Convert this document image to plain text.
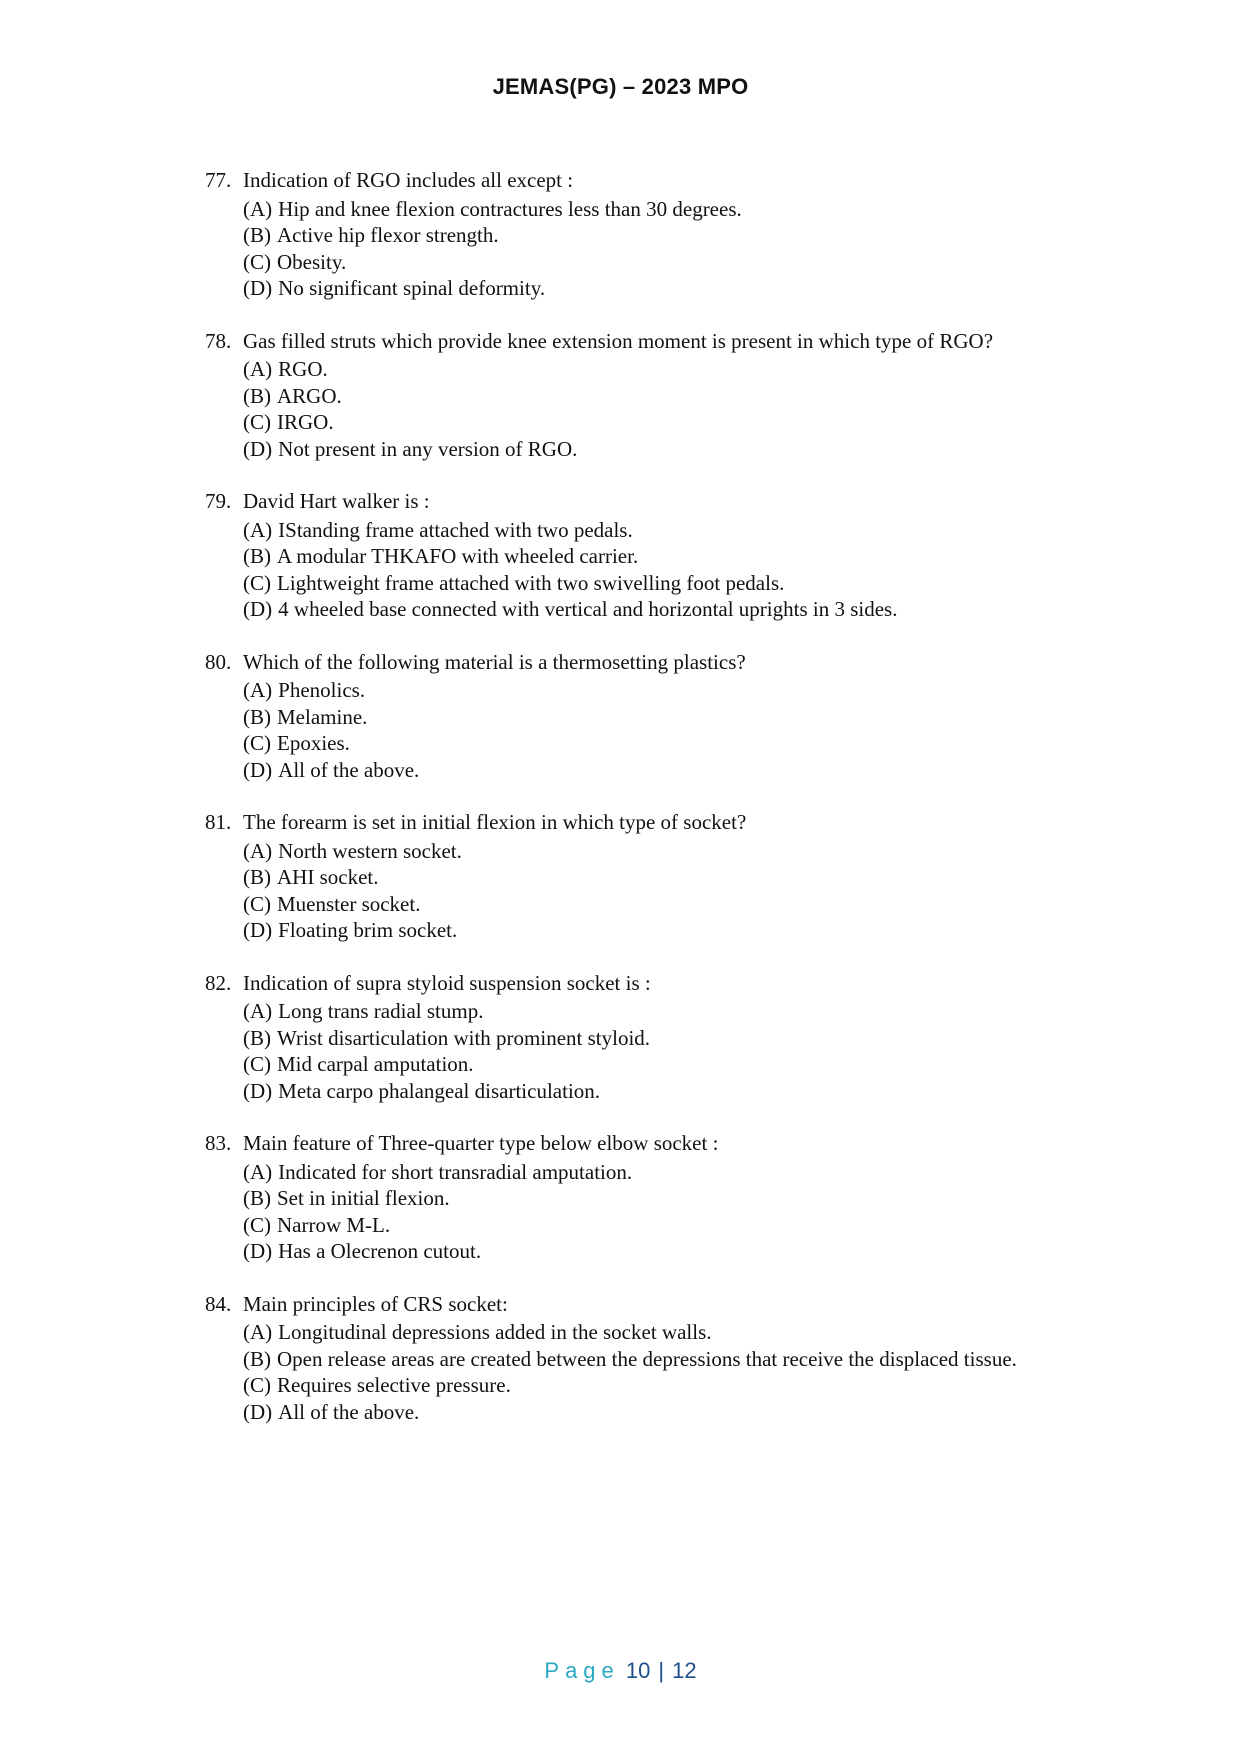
JEMAS(PG) – 2023 MPO
77. Indication of RGO includes all except :
(A) Hip and knee flexion contractures less than 30 degrees.
(B) Active hip flexor strength.
(C) Obesity.
(D) No significant spinal deformity.
78. Gas filled struts which provide knee extension moment is present in which type of RGO?
(A) RGO.
(B) ARGO.
(C) IRGO.
(D) Not present in any version of RGO.
79. David Hart walker is :
(A) IStanding frame attached with two pedals.
(B) A modular THKAFO with wheeled carrier.
(C) Lightweight frame attached with two swivelling foot pedals.
(D) 4 wheeled base connected with vertical and horizontal uprights in 3 sides.
80. Which of the following material is a thermosetting plastics?
(A) Phenolics.
(B) Melamine.
(C) Epoxies.
(D) All of the above.
81. The forearm is set in initial flexion in which type of socket?
(A) North western socket.
(B) AHI socket.
(C) Muenster socket.
(D) Floating brim socket.
82. Indication of supra styloid suspension socket is :
(A) Long trans radial stump.
(B) Wrist disarticulation with prominent styloid.
(C) Mid carpal amputation.
(D) Meta carpo phalangeal disarticulation.
83. Main feature of Three-quarter type below elbow socket :
(A) Indicated for short transradial amputation.
(B) Set in initial flexion.
(C) Narrow M-L.
(D) Has a Olecrenon cutout.
84. Main principles of CRS socket:
(A) Longitudinal depressions added in the socket walls.
(B) Open release areas are created between the depressions that receive the displaced tissue.
(C) Requires selective pressure.
(D) All of the above.
Page 10 | 12
